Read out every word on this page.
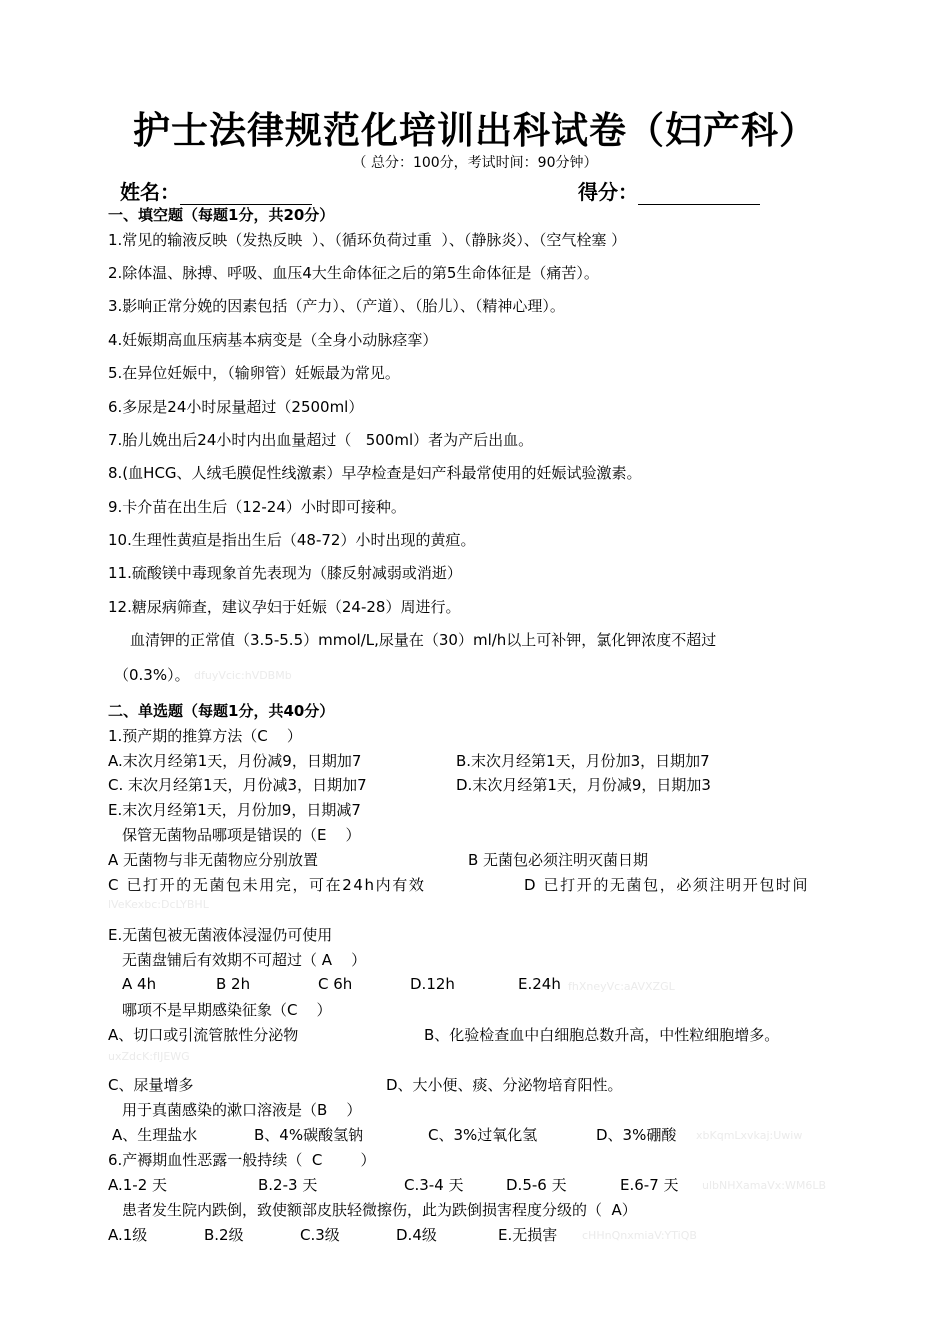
护士法律规范化培训出科试卷（妇产科）
（ 总分：100分，考试时间：90分钟）
姓名：	得分：
一、填空题（每题1分，共20分）
1.常见的输液反映（发热反映  ）、（循环负荷过重  ）、（静脉炎）、（空气栓塞 ）
2.除体温、脉搏、呼吸、血压4大生命体征之后的第5生命体征是（痛苦）。
3.影响正常分娩的因素包括（产力）、（产道）、（胎儿）、（精神心理）。
4.妊娠期高血压病基本病变是（全身小动脉痉挛）
5.在异位妊娠中，（输卵管）妊娠最为常见。
6.多尿是24小时尿量超过（2500ml）
7.胎儿娩出后24小时内出血量超过（   500ml）者为产后出血。
8.(血HCG、人绒毛膜促性线激素）早孕检查是妇产科最常使用的妊娠试验激素。
9.卡介苗在出生后（12-24）小时即可接种。
10.生理性黄疸是指出生后（48-72）小时出现的黄疸。
11.硫酸镁中毒现象首先表现为（膝反射减弱或消逝）
12.糖尿病筛查，建议孕妇于妊娠（24-28）周进行。
血清钾的正常值（3.5-5.5）mmol/L,尿量在（30）ml/h以上可补钾，氯化钾浓度不超过
（0.3%）。 dfuyVcic:hVDBMb
二、单选题（每题1分，共40分）
1.预产期的推算方法（C    ）
A.末次月经第1天，月份减9，日期加7	B.末次月经第1天，月份加3，日期加7
C. 末次月经第1天，月份减3，日期加7	D.末次月经第1天，月份减9，日期加3
E.末次月经第1天，月份加9，日期减7
保管无菌物品哪项是错误的（E    ）
A 无菌物与非无菌物应分别放置	B 无菌包必须注明灭菌日期
C 已打开的无菌包未用完，可在24h内有效	D 已打开的无菌包，必须注明开包时间
lVeKexbc:DcLYBHL
E.无菌包被无菌液体浸湿仍可使用
无菌盘铺后有效期不可超过（ A    ）
A 4h	B 2h	C 6h	D.12h	E.24h fhXneyVc:aAVXZGL
哪项不是早期感染征象（C    ）
A、切口或引流管脓性分泌物	B、化验检查血中白细胞总数升高，中性粒细胞增多。
uxZdcK:fIJEWG
C、尿量增多	D、大小便、痰、分泌物培育阳性。
用于真菌感染的漱口溶液是（B    ）
A、生理盐水	B、4%碳酸氢钠	C、3%过氧化氢	D、3%硼酸 xbKqmLxvkaj:Uwiw
6.产褥期血性恶露一般持续（  C        ）
A.1-2 天	B.2-3 天	C.3-4 天	D.5-6 天	E.6-7 天 ulbNHXamaVx:WM6LB
患者发生院内跌倒，致使额部皮肤轻微擦伤，此为跌倒损害程度分级的（  A）
A.1级	B.2级	C.3级	D.4级	E.无损害 cHHnQnxmiaV:YTiQB
